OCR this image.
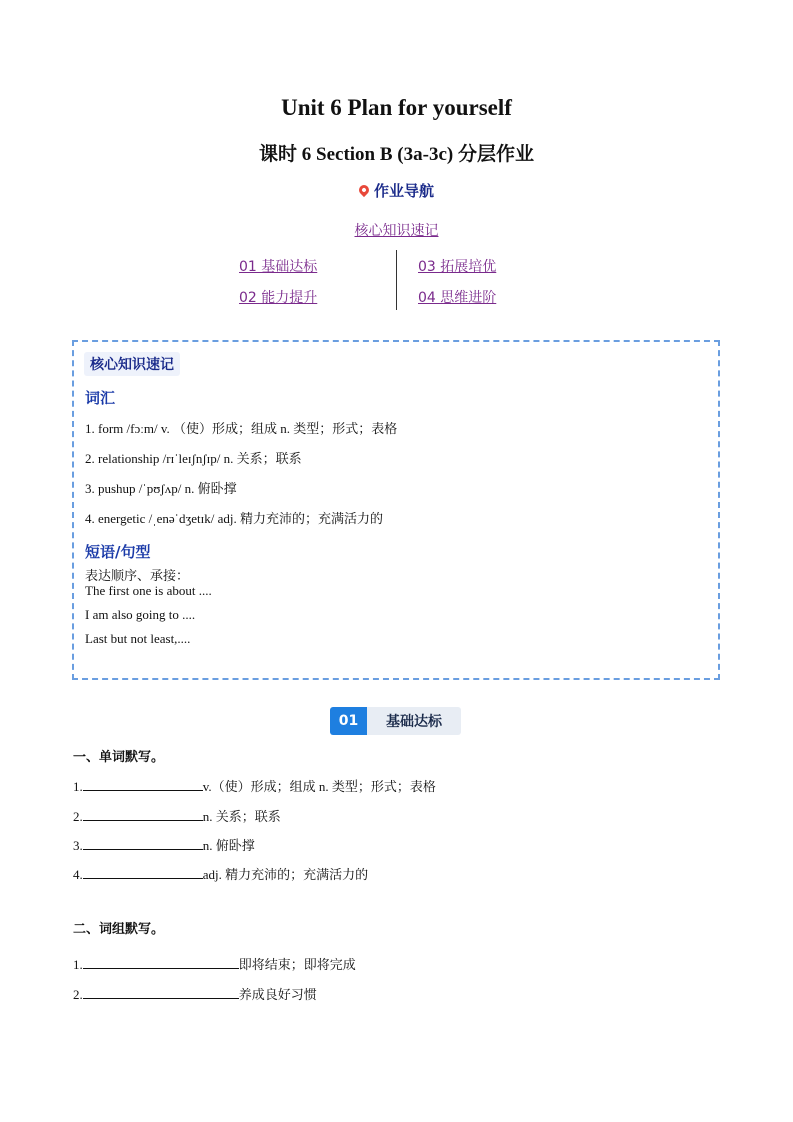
Unit 6 Plan for yourself
课时 6 Section B (3a-3c) 分层作业
作业导航
核心知识速记
01 基础达标
02 能力提升
03 拓展培优
04 思维进阶
核心知识速记
词汇
1. form /fɔːm/ v. （使）形成；组成 n. 类型；形式；表格
2. relationship /rɪˈleɪʃnʃɪp/ n. 关系；联系
3. pushup /ˈpʊʃʌp/ n. 俯卧撑
4. energetic /ˌenəˈdʒetɪk/ adj. 精力充沛的；充满活力的
短语/句型
表达顺序、承接：
The first one is about ....
I am also going to ....
Last but not least,....
01	基础达标
一、单词默写。
1.	v.（使）形成；组成 n. 类型；形式；表格
2.	n. 关系；联系
3.	n. 俯卧撑
4.	adj. 精力充沛的；充满活力的
二、词组默写。
1.	即将结束；即将完成
2.	养成良好习惯
